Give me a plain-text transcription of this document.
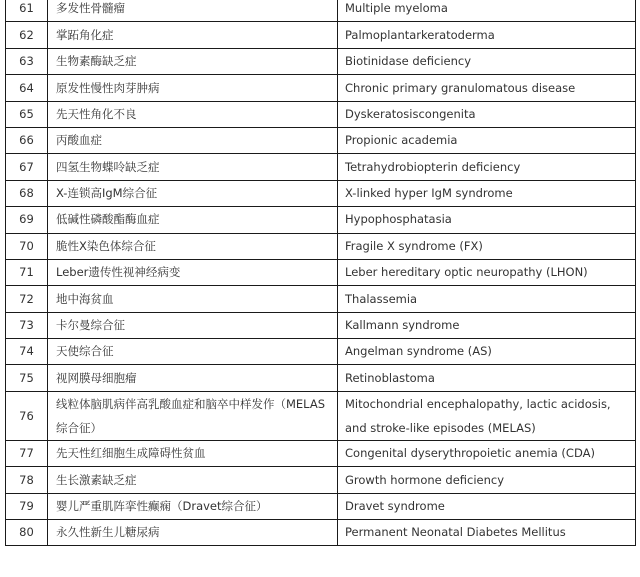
61	多发性骨髓瘤	Multiple myeloma
62	掌跖角化症	Palmoplantarkeratoderma
63	生物素酶缺乏症	Biotinidase deficiency
64	原发性慢性肉芽肿病	Chronic primary granulomatous disease
65	先天性角化不良	Dyskeratosiscongenita
66	丙酸血症	Propionic academia
67	四氢生物蝶呤缺乏症	Tetrahydrobiopterin deficiency
68	X-连锁高IgM综合征	X-linked hyper IgM syndrome
69	低碱性磷酸酯酶血症	Hypophosphatasia
70	脆性X染色体综合征	Fragile X syndrome (FX)
71	Leber遗传性视神经病变	Leber hereditary optic neuropathy (LHON)
72	地中海贫血	Thalassemia
73	卡尔曼综合征	Kallmann syndrome
74	天使综合征	Angelman syndrome (AS)
75	视网膜母细胞瘤	Retinoblastoma
76	线粒体脑肌病伴高乳酸血症和脑卒中样发作（MELAS综合征）	Mitochondrial encephalopathy, lactic acidosis, and stroke-like episodes (MELAS)
77	先天性红细胞生成障碍性贫血	Congenital dyserythropoietic anemia (CDA)
78	生长激素缺乏症	Growth hormone deficiency
79	婴儿严重肌阵挛性癫痫（Dravet综合征）	Dravet syndrome
80	永久性新生儿糖尿病	Permanent Neonatal Diabetes Mellitus
